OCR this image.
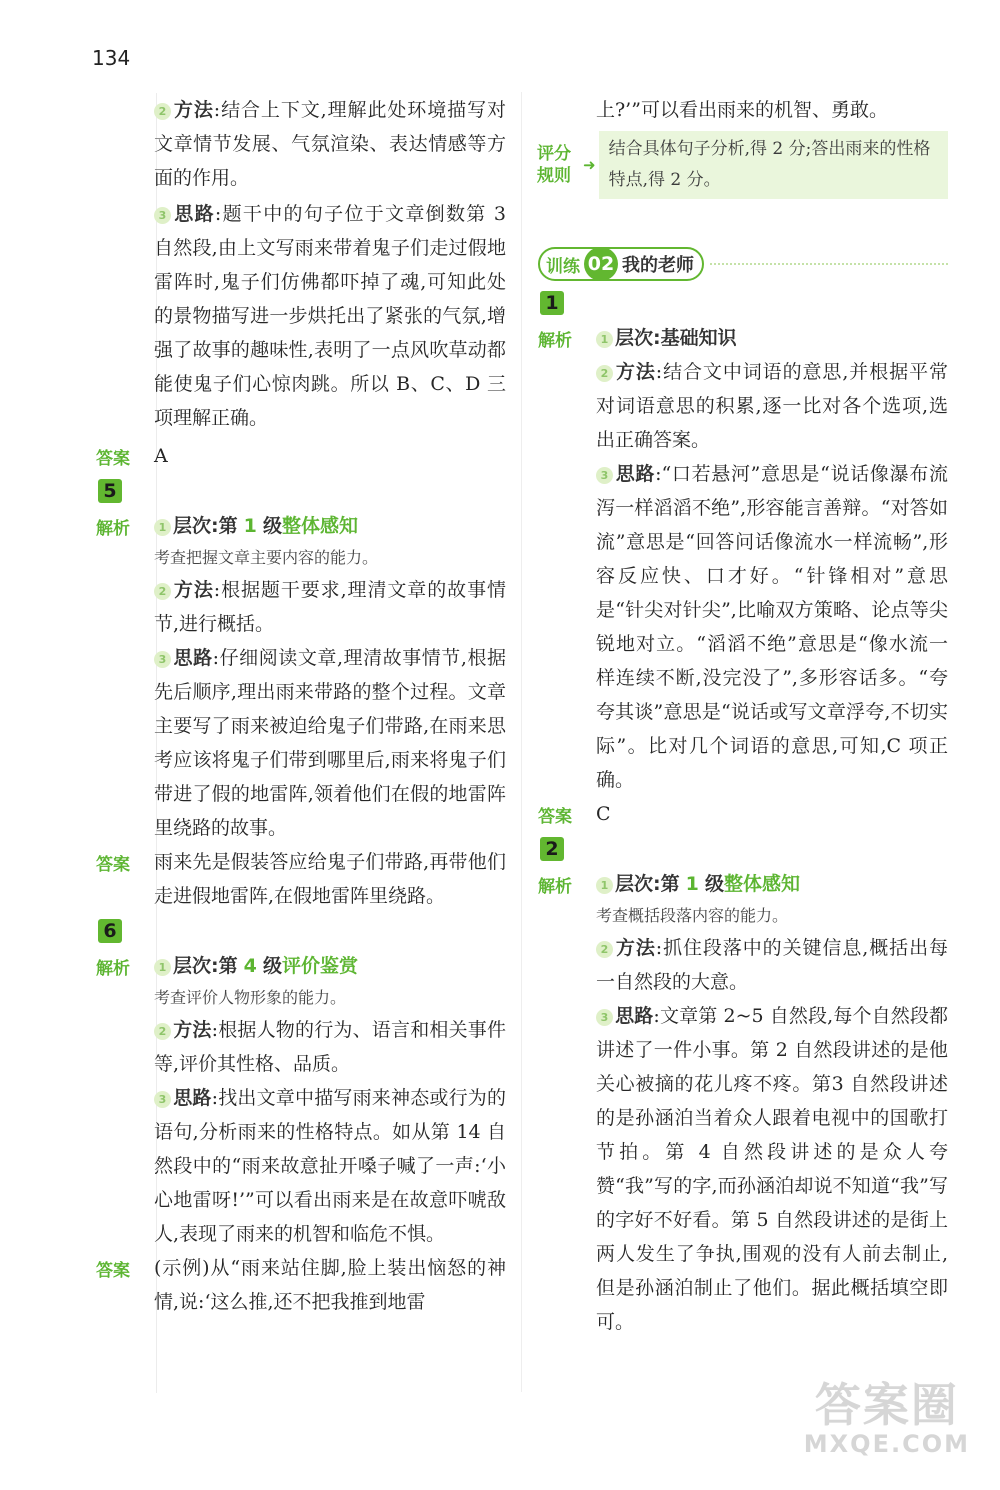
134

2 方法:结合上下文,理解此处环境描写对文章情节发展、气氛渲染、表达情感等方面的作用。

3 思路:题干中的句子位于文章倒数第 3 自然段,由上文写雨来带着鬼子们走过假地雷阵时,鬼子们仿佛都吓掉了魂,可知此处的景物描写进一步烘托出了紧张的气氛,增强了故事的趣味性,表明了一点风吹草动都能使鬼子们心惊肉跳。所以 B、C、D 三项理解正确。

答案	A

5
解析	1 层次:第 1 级整体感知

考查把握文章主要内容的能力。

2 方法:根据题干要求,理清文章的故事情节,进行概括。

3 思路:仔细阅读文章,理清故事情节,根据先后顺序,理出雨来带路的整个过程。文章主要写了雨来被迫给鬼子们带路,在雨来思考应该将鬼子们带到哪里后,雨来将鬼子们带进了假的地雷阵,领着他们在假的地雷阵里绕路的故事。

答案	雨来先是假装答应给鬼子们带路,再带他们走进假地雷阵,在假地雷阵里绕路。

6
解析	1 层次:第 4 级评价鉴赏

考查评价人物形象的能力。

2 方法:根据人物的行为、语言和相关事件等,评价其性格、品质。

3 思路:找出文章中描写雨来神态或行为的语句,分析雨来的性格特点。如从第 14 自然段中的“雨来故意扯开嗓子喊了一声:‘小心地雷呀!’”可以看出雨来是在故意吓唬敌人,表现了雨来的机智和临危不惧。

答案	(示例)从“雨来站住脚,脸上装出恼怒的神情,说:‘这么推,还不把我推到地雷

上?’”可以看出雨来的机智、勇敢。

评分
规则
➜
结合具体句子分析,得 2 分;答出雨来的性格特点,得 2 分。
训练 02 我的老师
1
解析	1 层次:基础知识

2 方法:结合文中词语的意思,并根据平常对词语意思的积累,逐一比对各个选项,选出正确答案。

3 思路:“口若悬河”意思是“说话像瀑布流泻一样滔滔不绝”,形容能言善辩。“对答如流”意思是“回答问话像流水一样流畅”,形容反应快、口才好。“针锋相对”意思是“针尖对针尖”,比喻双方策略、论点等尖锐地对立。“滔滔不绝”意思是“像水流一样连续不断,没完没了”,多形容话多。“夸夸其谈”意思是“说话或写文章浮夸,不切实际”。比对几个词语的意思,可知,C 项正确。

答案	C

2
解析	1 层次:第 1 级整体感知

考查概括段落内容的能力。

2 方法:抓住段落中的关键信息,概括出每一自然段的大意。

3 思路:文章第 2~5 自然段,每个自然段都讲述了一件小事。第 2 自然段讲述的是他关心被摘的花儿疼不疼。第3 自然段讲述的是孙涵泊当着众人跟着电视中的国歌打节拍。第 4 自然段讲述的是众人夸赞“我”写的字,而孙涵泊却说不知道“我”写的字好不好看。第 5 自然段讲述的是街上两人发生了争执,围观的没有人前去制止,但是孙涵泊制止了他们。据此概括填空即可。

答案圈
MXQE.COM
